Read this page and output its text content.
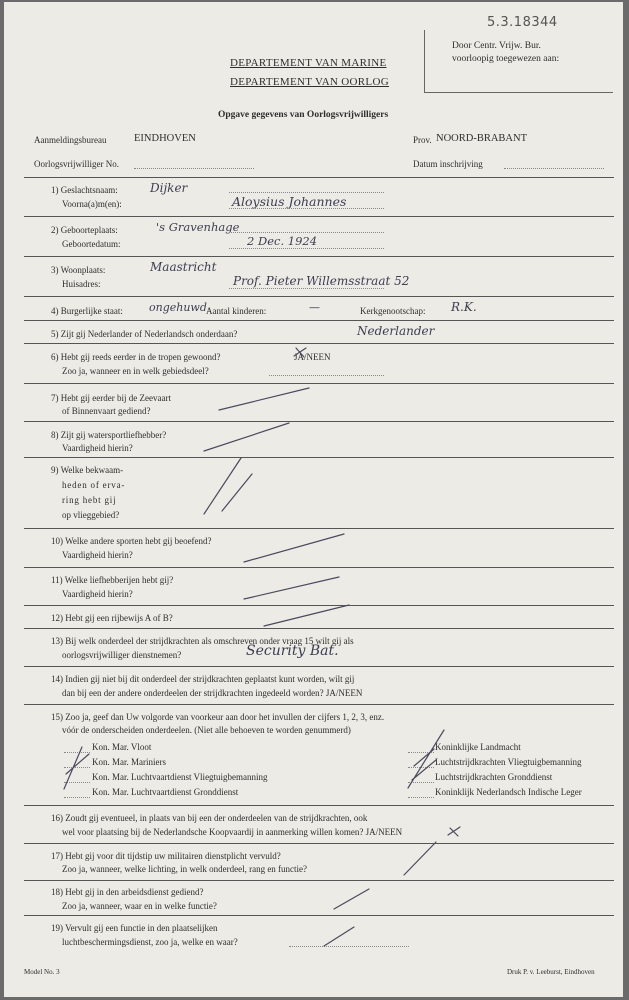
5.3.18344
Door Centr. Vrijw. Bur.
voorloopig toegewezen aan:
DEPARTEMENT VAN MARINE
DEPARTEMENT VAN OORLOG
Opgave gegevens van Oorlogsvrijwilligers
Aanmeldingsbureau	EINDHOVEN	Prov. NOORD-BRABANT
Oorlogsvrijwilliger No.	Datum inschrijving
1) Geslachtsnaam:	Dijker
Voorna(a)m(en):	Aloysius Johannes
2) Geboorteplaats:	's Gravenhage
Geboortedatum:	2 Dec. 1924
3) Woonplaats:	Maastricht
Huisadres:	Prof. Pieter Willemsstraat 52
4) Burgerlijke staat: ongehuwd Aantal kinderen:	—	Kerkgenootschap: R.K.
5) Zijt gij Nederlander of Nederlandsch onderdaan?	Nederlander
6) Hebt gij reeds eerder in de tropen gewoond?	JA/NEEN
Zoo ja, wanneer en in welk gebiedsdeel?
7) Hebt gij eerder bij de Zeevaart
of Binnenvaart gediend?
8) Zijt gij watersportliefhebber?
Vaardigheid hierin?
9) Welke bekwaam-
heden of erva-
ring hebt gij
op vlieggebied?
10) Welke andere sporten hebt gij beoefend?
Vaardigheid hierin?
11) Welke liefhebberijen hebt gij?
Vaardigheid hierin?
12) Hebt gij een rijbewijs A of B?
13) Bij welk onderdeel der strijdkrachten als omschreven onder vraag 15 wilt gij als
oorlogsvrijwilliger dienstnemen?	Security Bat.
14) Indien gij niet bij dit onderdeel der strijdkrachten geplaatst kunt worden, wilt gij
dan bij een der andere onderdeelen der strijdkrachten ingedeeld worden? JA/NEEN
15) Zoo ja, geef dan Uw volgorde van voorkeur aan door het invullen der cijfers 1, 2, 3, enz.
vóór de onderscheiden onderdeelen. (Niet alle behoeven te worden genummerd)
Kon. Mar. Vloot
Kon. Mar. Mariniers
Kon. Mar. Luchtvaartdienst Vliegtuigbemanning
Kon. Mar. Luchtvaartdienst Gronddienst
Koninklijke Landmacht
Luchtstrijdkrachten Vliegtuigbemanning
Luchtstrijdkrachten Gronddienst
Koninklijk Nederlandsch Indische Leger
16) Zoudt gij eventueel, in plaats van bij een der onderdeelen van de strijdkrachten, ook
wel voor plaatsing bij de Nederlandsche Koopvaardij in aanmerking willen komen? JA/NEEN
17) Hebt gij voor dit tijdstip uw militairen dienstplicht vervuld?
Zoo ja, wanneer, welke lichting, in welk onderdeel, rang en functie?
18) Hebt gij in den arbeidsdienst gediend?
Zoo ja, wanneer, waar en in welke functie?
19) Vervult gij een functie in den plaatselijken
luchtbeschermingsdienst, zoo ja, welke en waar?
Model No. 3	Druk P. v. Leeburst, Eindhoven
